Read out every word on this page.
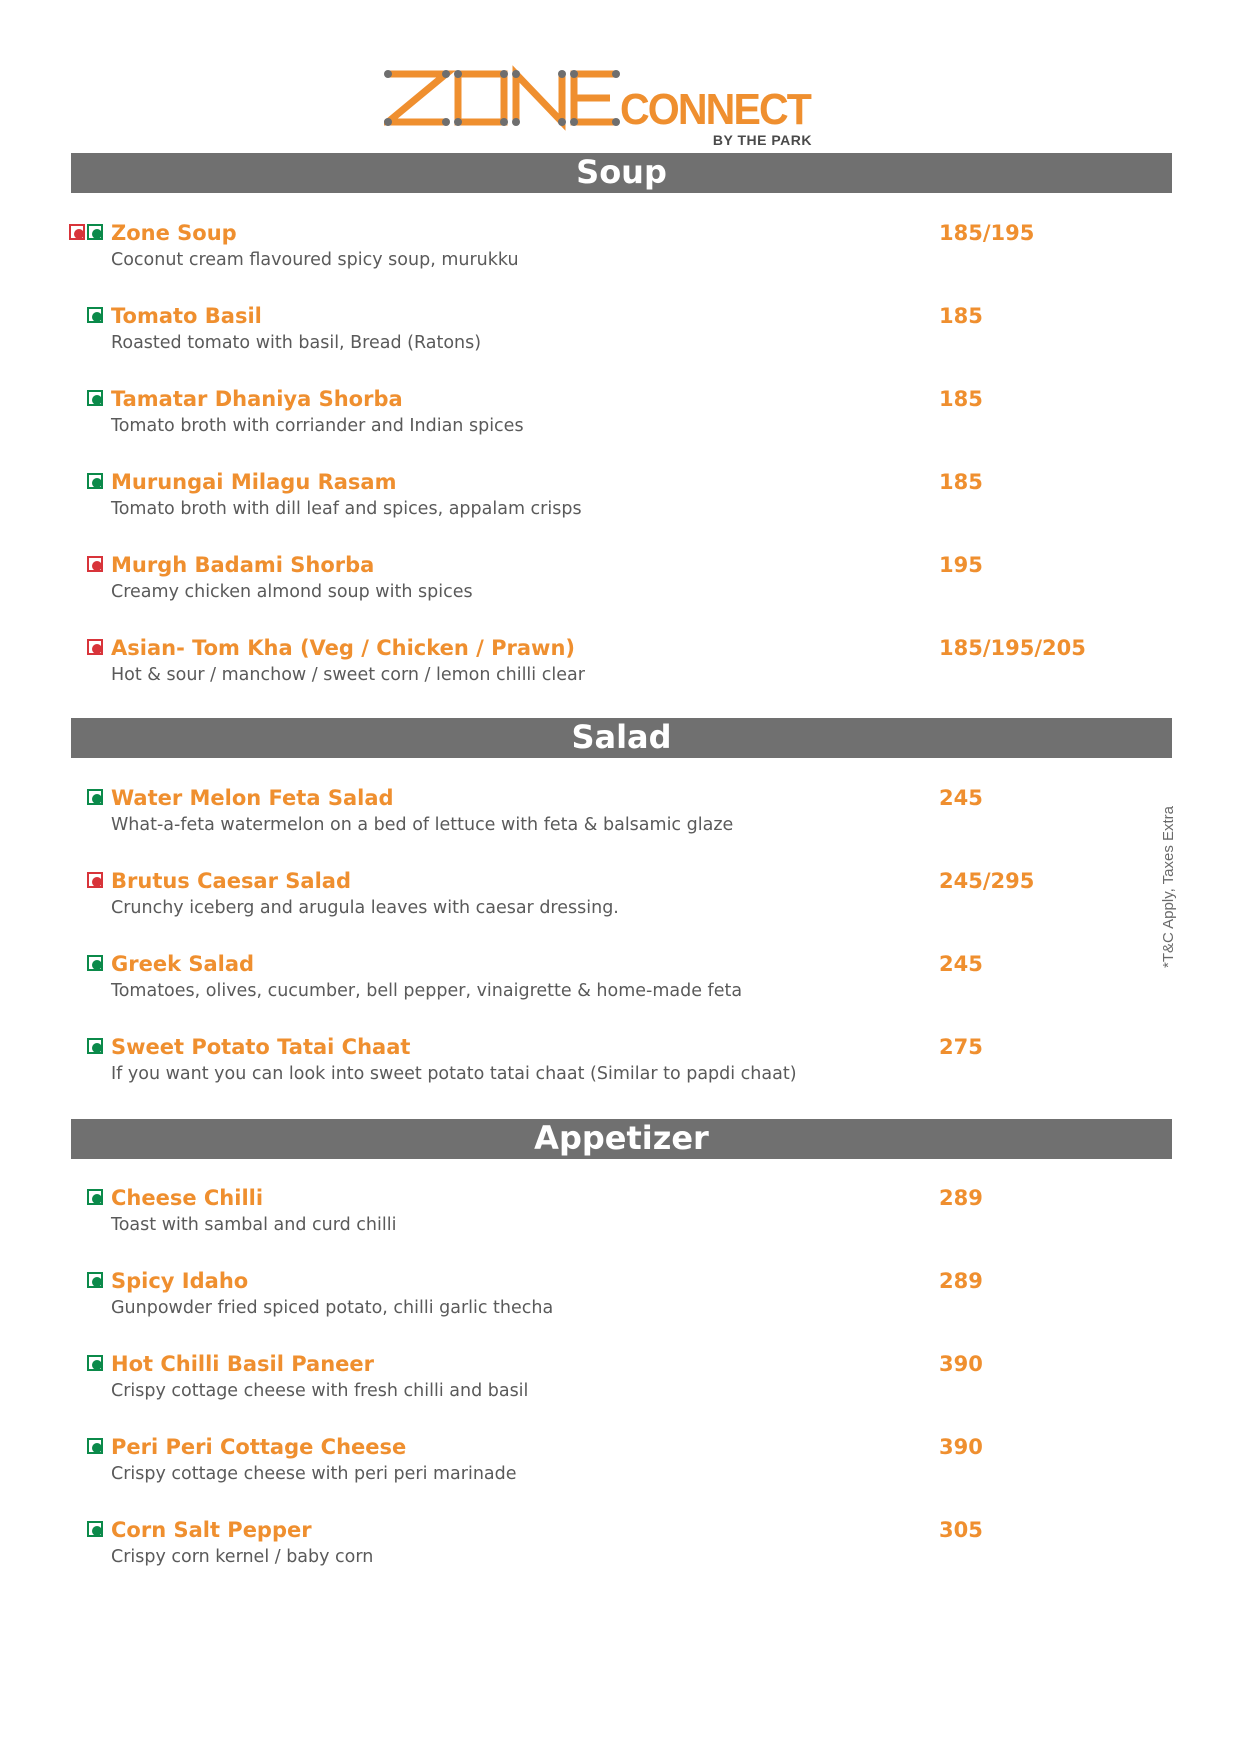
CONNECT
BY THE PARK
Soup
Zone Soup
Coconut cream flavoured spicy soup, murukku
185/195
Tomato Basil
Roasted tomato with basil, Bread (Ratons)
185
Tamatar Dhaniya Shorba
Tomato broth with corriander and Indian spices
185
Murungai Milagu Rasam
Tomato broth with dill leaf and spices, appalam crisps
185
Murgh Badami Shorba
Creamy chicken almond soup with spices
195
Asian- Tom Kha (Veg / Chicken / Prawn)
Hot & sour / manchow / sweet corn / lemon chilli clear
185/195/205
Salad
Water Melon Feta Salad
What-a-feta watermelon on a bed of lettuce with feta & balsamic glaze
245
Brutus Caesar Salad
Crunchy iceberg and arugula leaves with caesar dressing.
245/295
Greek Salad
Tomatoes, olives, cucumber, bell pepper, vinaigrette & home-made feta
245
Sweet Potato Tatai Chaat
If you want you can look into sweet potato tatai chaat (Similar to papdi chaat)
275
Appetizer
Cheese Chilli
Toast with sambal and curd chilli
289
Spicy Idaho
Gunpowder fried spiced potato, chilli garlic thecha
289
Hot Chilli Basil Paneer
Crispy cottage cheese with fresh chilli and basil
390
Peri Peri Cottage Cheese
Crispy cottage cheese with peri peri marinade
390
Corn Salt Pepper
Crispy corn kernel / baby corn
305
*T&C Apply, Taxes Extra
